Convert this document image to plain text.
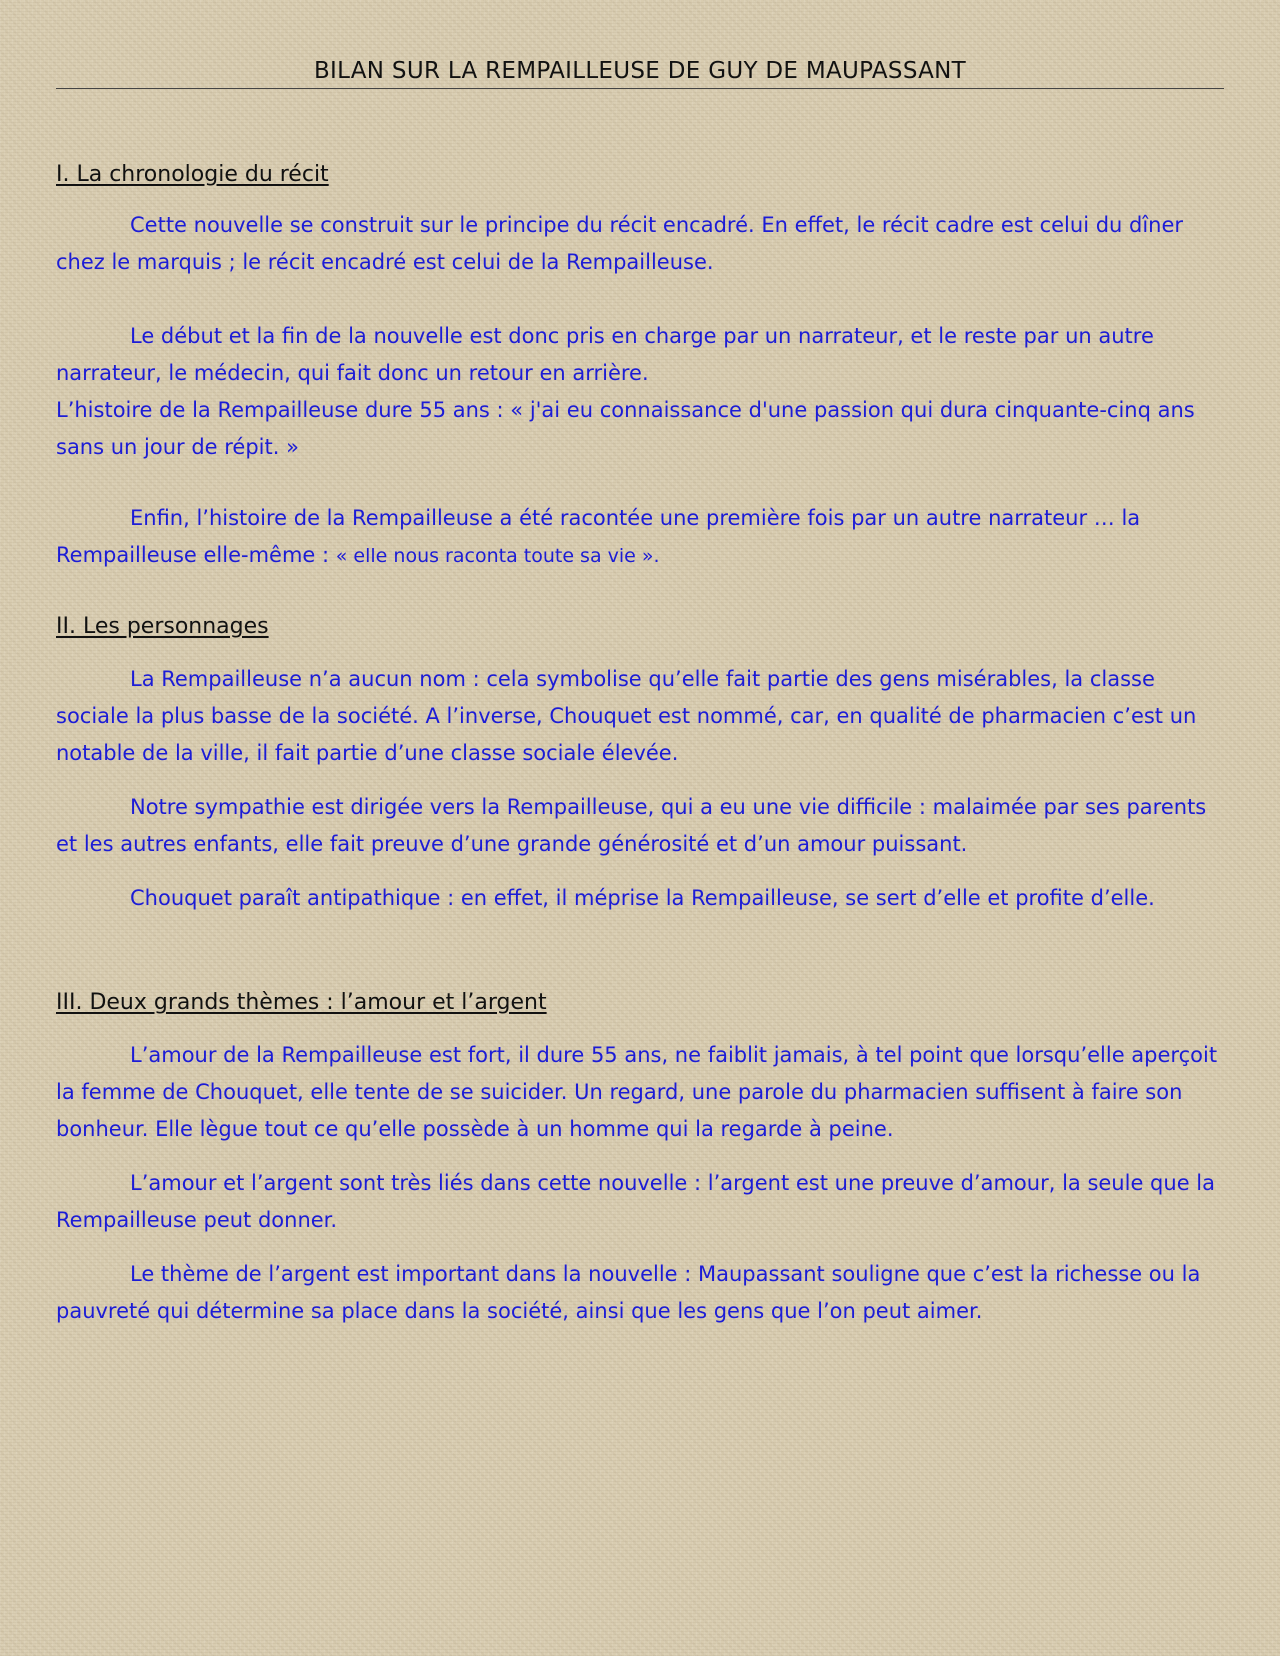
BILAN SUR LA REMPAILLEUSE DE GUY DE MAUPASSANT
I. La chronologie du récit

Cette nouvelle se construit sur le principe du récit encadré. En effet, le récit cadre est celui du dîner chez le marquis ; le récit encadré est celui de la Rempailleuse.

Le début et la fin de la nouvelle est donc pris en charge par un narrateur, et le reste par un autre narrateur, le médecin, qui fait donc un retour en arrière.

L’histoire de la Rempailleuse dure 55 ans : « j'ai eu connaissance d'une passion qui dura cinquante-cinq ans sans un jour de répit. »

Enfin, l’histoire de la Rempailleuse a été racontée une première fois par un autre narrateur … la Rempailleuse elle-même : « elle nous raconta toute sa vie ».

II. Les personnages

La Rempailleuse n’a aucun nom : cela symbolise qu’elle fait partie des gens misérables, la classe sociale la plus basse de la société. A l’inverse, Chouquet est nommé, car, en qualité de pharmacien c’est un notable de la ville, il fait partie d’une classe sociale élevée.

Notre sympathie est dirigée vers la Rempailleuse, qui a eu une vie difficile : malaimée par ses parents et les autres enfants, elle fait preuve d’une grande générosité et d’un amour puissant.

Chouquet paraît antipathique : en effet, il méprise la Rempailleuse, se sert d’elle et profite d’elle.

III. Deux grands thèmes : l’amour et l’argent

L’amour de la Rempailleuse est fort, il dure 55 ans, ne faiblit jamais, à tel point que lorsqu’elle aperçoit la femme de Chouquet, elle tente de se suicider. Un regard, une parole du pharmacien suffisent à faire son bonheur. Elle lègue tout ce qu’elle possède à un homme qui la regarde à peine.

L’amour et l’argent sont très liés dans cette nouvelle : l’argent est une preuve d’amour, la seule que la Rempailleuse peut donner.

Le thème de l’argent est important dans la nouvelle : Maupassant souligne que c’est la richesse ou la pauvreté qui détermine sa place dans la société, ainsi que les gens que l’on peut aimer.
